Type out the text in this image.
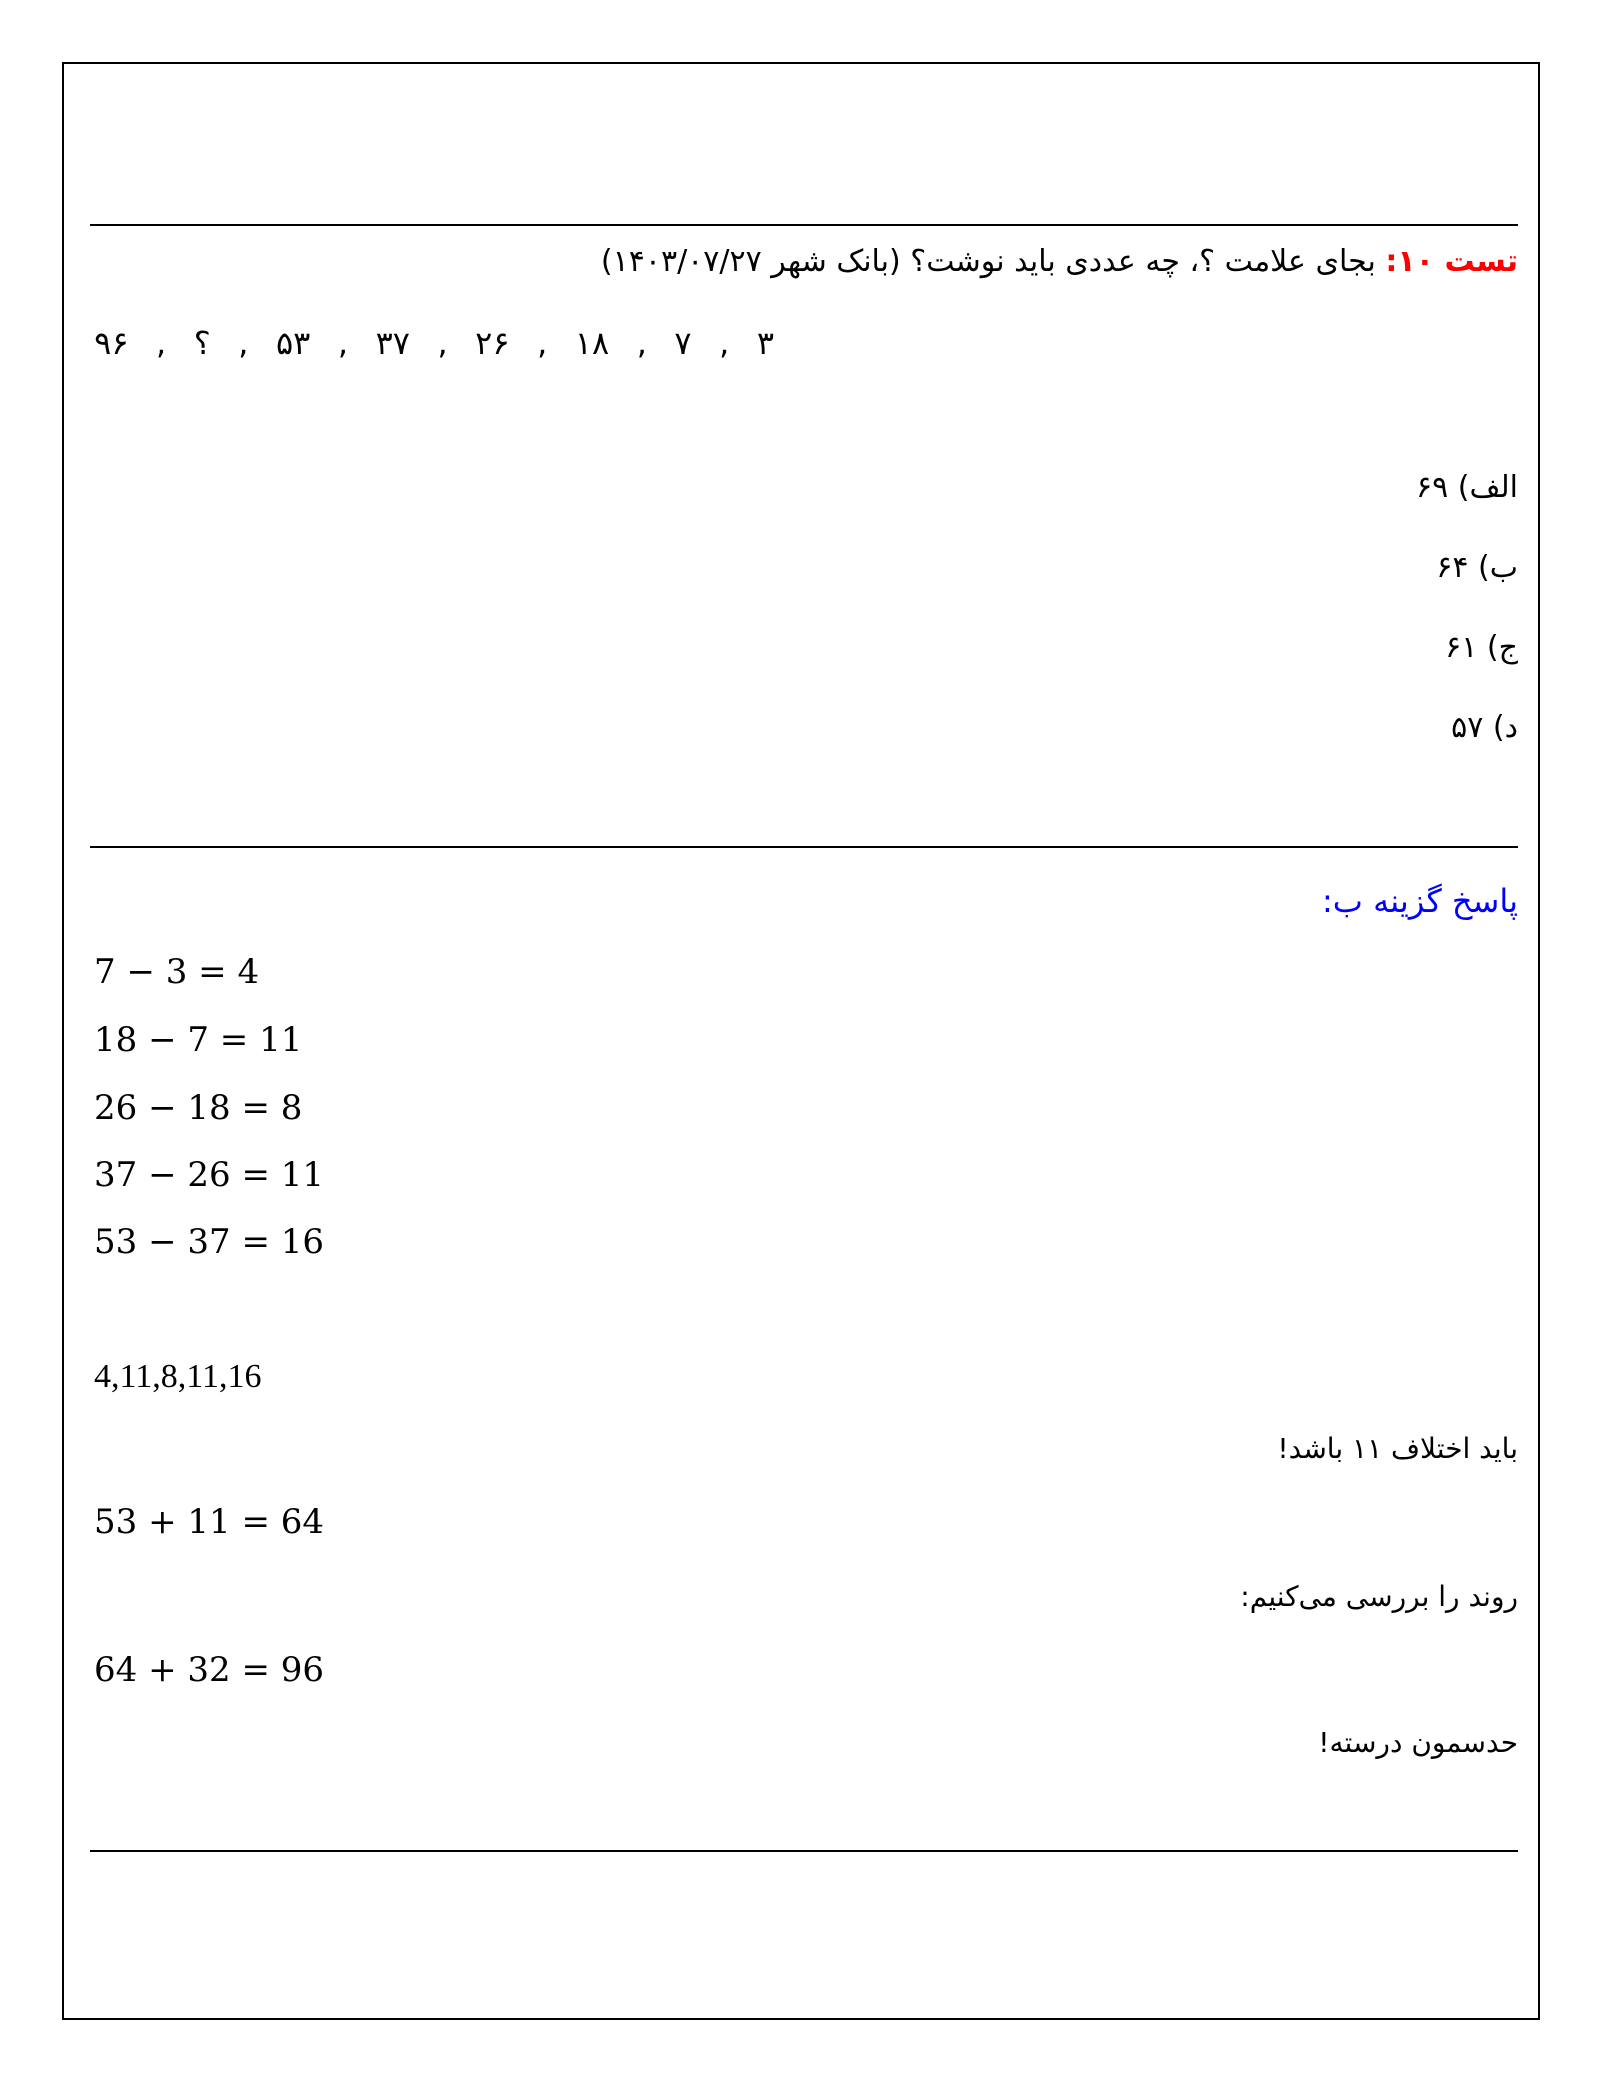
تست ۱۰: بجای علامت ؟، چه عددی باید نوشت؟ (بانک شهر ۱۴۰۳/۰۷/۲۷)
۳
,
۷
,
۱۸
,
۲۶
,
۳۷
,
۵۳
,
؟
,
۹۶
الف) ۶۹
ب) ۶۴
ج) ۶۱
د) ۵۷
پاسخ گزینه ب:
7 − 3 = 4
18 − 7 = 11
26 − 18 = 8
37 − 26 = 11
53 − 37 = 16
4,11,8,11,16
باید اختلاف ۱۱ باشد!
53 + 11 = 64
روند را بررسی می‌کنیم:
64 + 32 = 96
حدسمون درسته!
